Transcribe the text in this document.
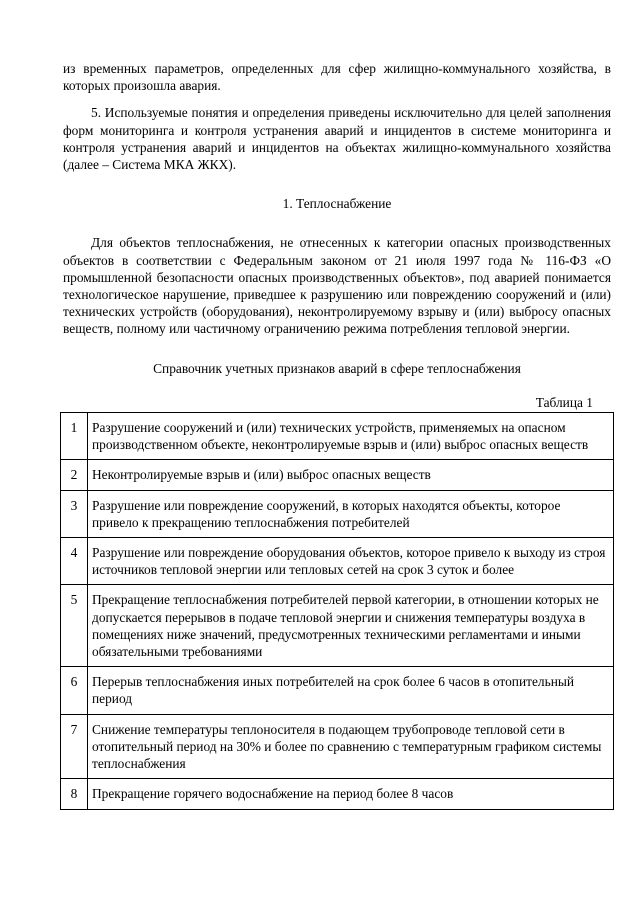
из временных параметров, определенных для сфер жилищно-коммунального хозяйства, в которых произошла авария.

5. Используемые понятия и определения приведены исключительно для целей заполнения форм мониторинга и контроля устранения аварий и инцидентов в системе мониторинга и контроля устранения аварий и инцидентов на объектах жилищно-коммунального хозяйства (далее – Система МКА ЖКХ).

1. Теплоснабжение

Для объектов теплоснабжения, не отнесенных к категории опасных производственных объектов в соответствии с Федеральным законом от 21 июля 1997 года № 116-ФЗ «О промышленной безопасности опасных производственных объектов», под аварией понимается технологическое нарушение, приведшее к разрушению или повреждению сооружений и (или) технических устройств (оборудования), неконтролируемому взрыву и (или) выбросу опасных веществ, полному или частичному ограничению режима потребления тепловой энергии.

Справочник учетных признаков аварий в сфере теплоснабжения

Таблица 1

1	Разрушение сооружений и (или) технических устройств, применяемых на опасном производственном объекте, неконтролируемые взрыв и (или) выброс опасных веществ
2	Неконтролируемые взрыв и (или) выброс опасных веществ
3	Разрушение или повреждение сооружений, в которых находятся объекты, которое привело к прекращению теплоснабжения потребителей
4	Разрушение или повреждение оборудования объектов, которое привело к выходу из строя источников тепловой энергии или тепловых сетей на срок 3 суток и более
5	Прекращение теплоснабжения потребителей первой категории, в отношении которых не допускается перерывов в подаче тепловой энергии и снижения температуры воздуха в помещениях ниже значений, предусмотренных техническими регламентами и иными обязательными требованиями
6	Перерыв теплоснабжения иных потребителей на срок более 6 часов в отопительный период
7	Снижение температуры теплоносителя в подающем трубопроводе тепловой сети в отопительный период на 30% и более по сравнению с температурным графиком системы теплоснабжения
8	Прекращение горячего водоснабжение на период более 8 часов
